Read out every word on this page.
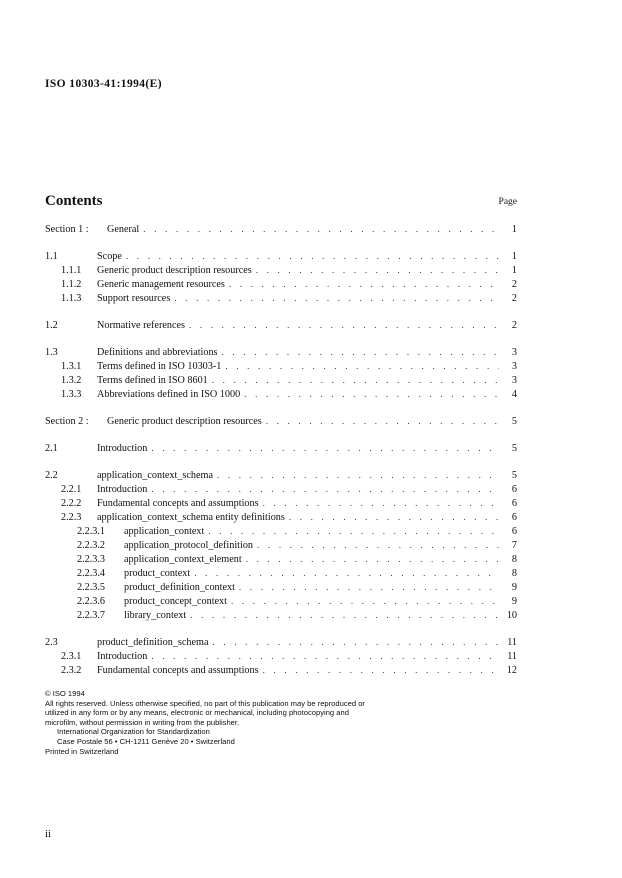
ISO 10303-41:1994(E)
Contents	Page
Section 1 :	General . . .	1
1.1	Scope . . .	1
1.1.1	Generic product description resources . . .	1
1.1.2	Generic management resources . . .	2
1.1.3	Support resources . . .	2
1.2	Normative references . . .	2
1.3	Definitions and abbreviations . . .	3
1.3.1	Terms defined in ISO 10303-1 . . .	3
1.3.2	Terms defined in ISO 8601 . . .	3
1.3.3	Abbreviations defined in ISO 1000 . . .	4
Section 2 :	Generic product description resources . . .	5
2.1	Introduction . . .	5
2.2	application_context_schema . . .	5
2.2.1	Introduction . . .	6
2.2.2	Fundamental concepts and assumptions . . .	6
2.2.3	application_context_schema entity definitions . . .	6
2.2.3.1	application_context . . .	6
2.2.3.2	application_protocol_definition . . .	7
2.2.3.3	application_context_element . . .	8
2.2.3.4	product_context . . .	8
2.2.3.5	product_definition_context . . .	9
2.2.3.6	product_concept_context . . .	9
2.2.3.7	library_context . . .	10
2.3	product_definition_schema . . .	11
2.3.1	Introduction . . .	11
2.3.2	Fundamental concepts and assumptions . . .	12
© ISO 1994
All rights reserved. Unless otherwise specified, no part of this publication may be reproduced or
utilized in any form or by any means, electronic or mechanical, including photocopying and
microfilm, without permission in writing from the publisher.
International Organization for Standardization
Case Postale 56 • CH-1211 Genève 20 • Switzerland
Printed in Switzerland
ii
